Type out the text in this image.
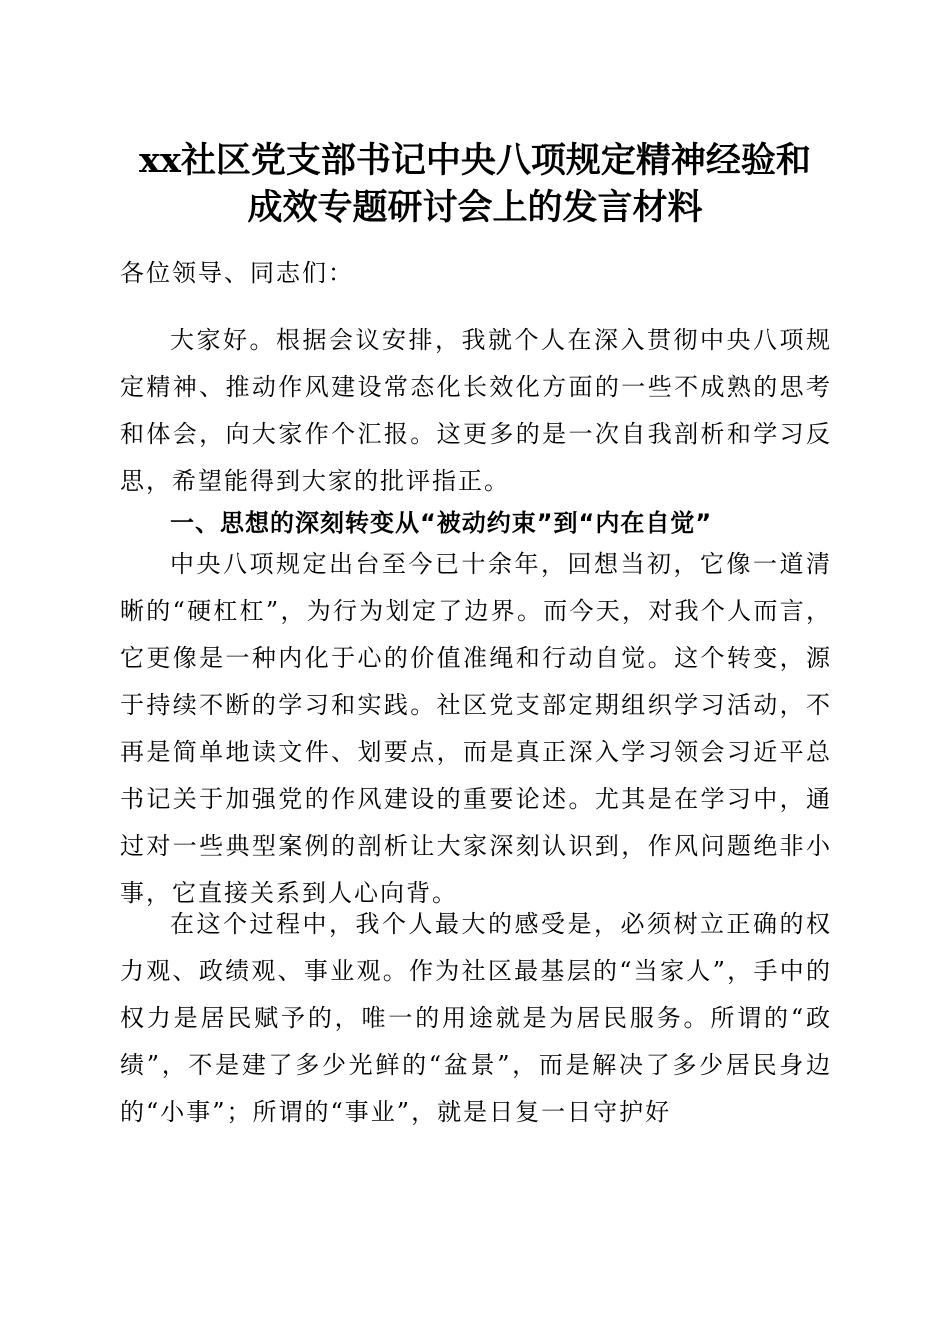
xx社区党支部书记中央八项规定精神经验和
成效专题研讨会上的发言材料

各位领导、同志们：

大家好。根据会议安排，我就个人在深入贯彻中央八项规定精神、推动作风建设常态化长效化方面的一些不成熟的思考和体会，向大家作个汇报。这更多的是一次自我剖析和学习反思，希望能得到大家的批评指正。

一、思想的深刻转变从“被动约束”到“内在自觉”

中央八项规定出台至今已十余年，回想当初，它像一道清晰的“硬杠杠”，为行为划定了边界。而今天，对我个人而言，它更像是一种内化于心的价值准绳和行动自觉。这个转变，源于持续不断的学习和实践。社区党支部定期组织学习活动，不再是简单地读文件、划要点，而是真正深入学习领会习近平总书记关于加强党的作风建设的重要论述。尤其是在学习中，通过对一些典型案例的剖析让大家深刻认识到，作风问题绝非小事，它直接关系到人心向背。

在这个过程中，我个人最大的感受是，必须树立正确的权力观、政绩观、事业观。作为社区最基层的“当家人”，手中的权力是居民赋予的，唯一的用途就是为居民服务。所谓的“政绩”，不是建了多少光鲜的“盆景”，而是解决了多少居民身边的“小事”；所谓的“事业”，就是日复一日守护好
